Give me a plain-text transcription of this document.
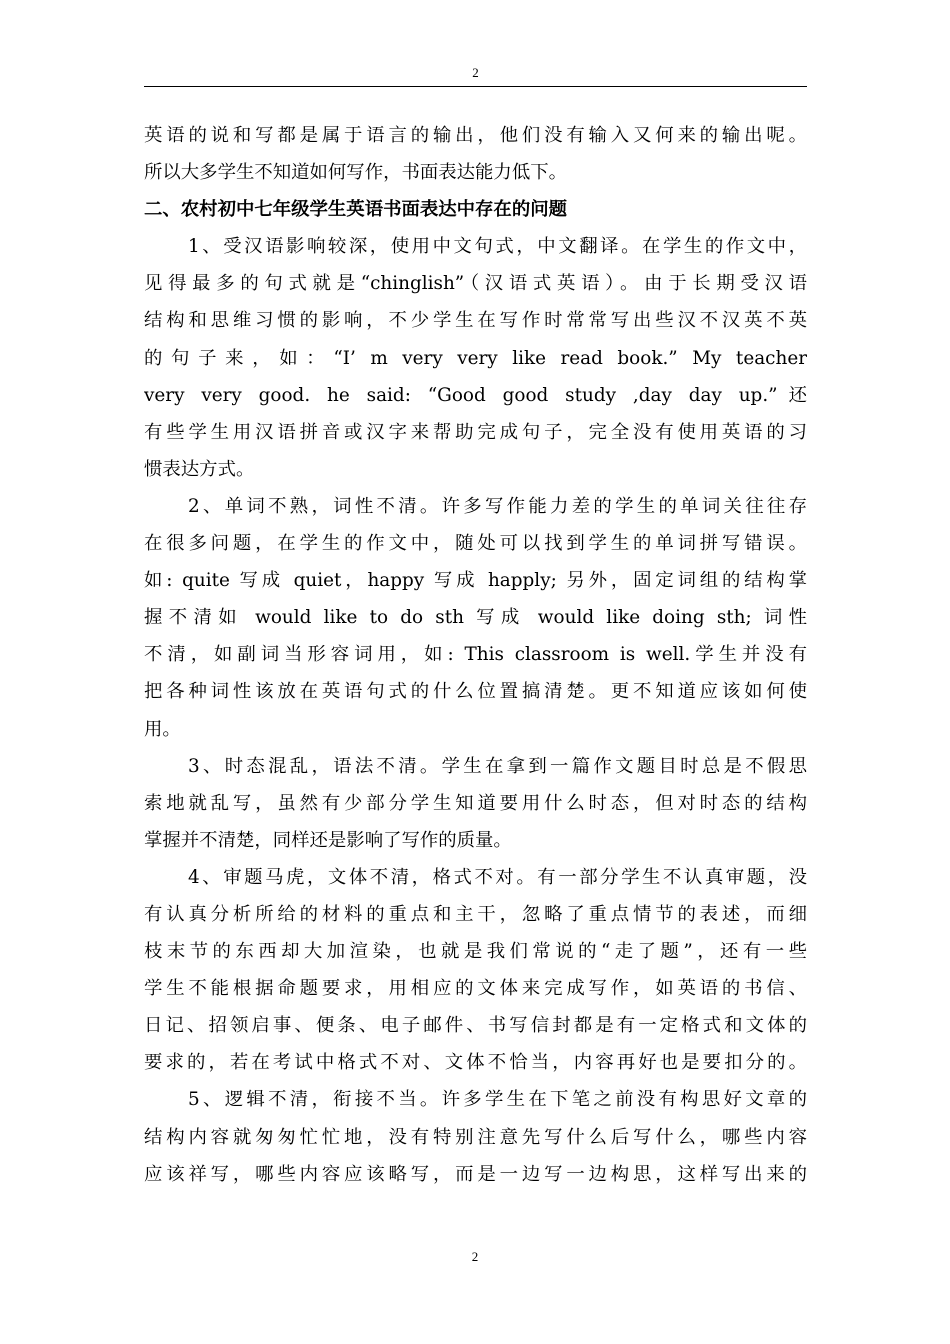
2
英语的说和写都是属于语言的输出，他们没有输入又何来的输出呢。
所以大多学生不知道如何写作，书面表达能力低下。
二、农村初中七年级学生英语书面表达中存在的问题
1、受汉语影响较深，使用中文句式，中文翻译。在学生的作文中，
见得最多的句式就是“chinglish”（汉语式英语）。由于长期受汉语
结构和思维习惯的影响，不少学生在写作时常常写出些汉不汉英不英
的句子来，如：“I’ m very very like read book.” My teacher
very very good. he said: “Good good study ,day day up.”还
有些学生用汉语拼音或汉字来帮助完成句子，完全没有使用英语的习
惯表达方式。
2、单词不熟，词性不清。许多写作能力差的学生的单词关往往存
在很多问题，在学生的作文中，随处可以找到学生的单词拼写错误。
如: quite 写成 quiet，happy 写成 happly; 另外，固定词组的结构掌
握不清如 would like to do sth 写成 would like doing sth; 词性
不清，如副词当形容词用，如: This classroom is well.学生并没有
把各种词性该放在英语句式的什么位置搞清楚。更不知道应该如何使
用。
3、时态混乱，语法不清。学生在拿到一篇作文题目时总是不假思
索地就乱写，虽然有少部分学生知道要用什么时态，但对时态的结构
掌握并不清楚，同样还是影响了写作的质量。
4、审题马虎，文体不清，格式不对。有一部分学生不认真审题，没
有认真分析所给的材料的重点和主干，忽略了重点情节的表述，而细
枝末节的东西却大加渲染，也就是我们常说的“走了题”，还有一些
学生不能根据命题要求，用相应的文体来完成写作，如英语的书信、
日记、招领启事、便条、电子邮件、书写信封都是有一定格式和文体的
要求的，若在考试中格式不对、文体不恰当，内容再好也是要扣分的。
5、逻辑不清，衔接不当。许多学生在下笔之前没有构思好文章的
结构内容就匆匆忙忙地，没有特别注意先写什么后写什么，哪些内容
应该祥写，哪些内容应该略写，而是一边写一边构思，这样写出来的
2
